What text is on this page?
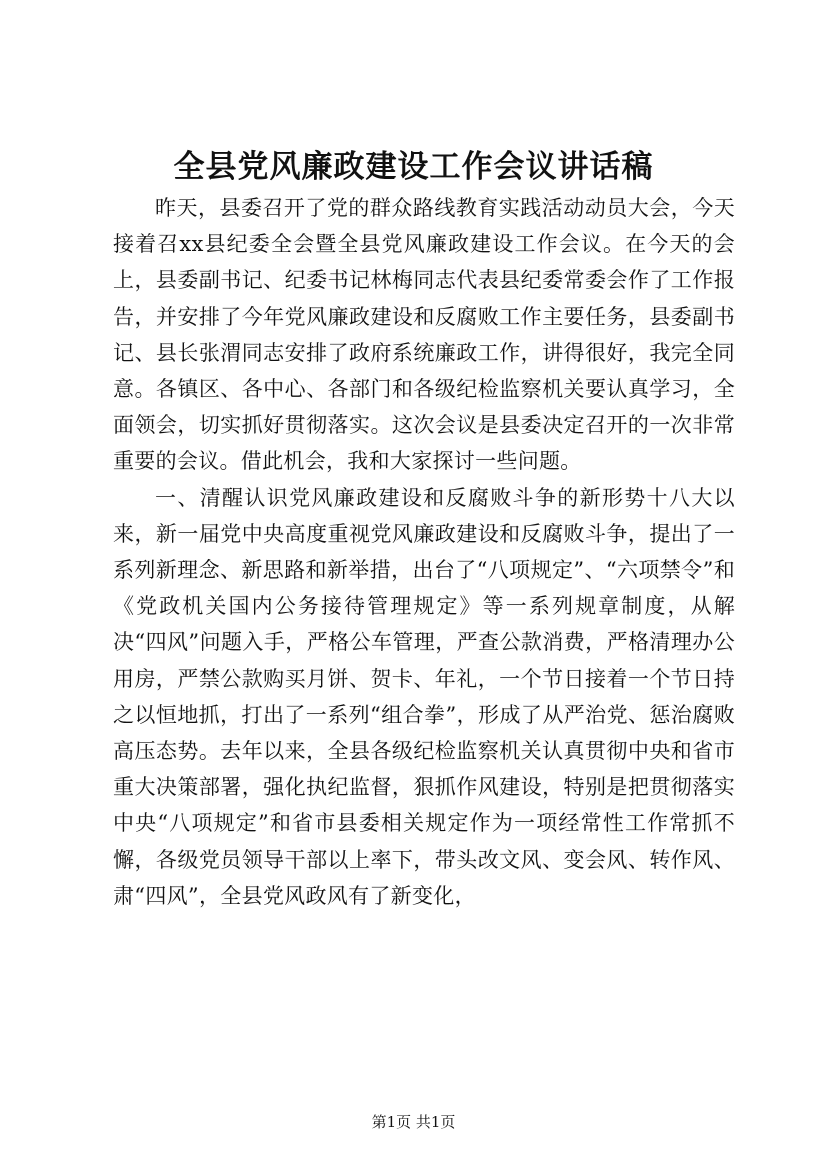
全县党风廉政建设工作会议讲话稿

昨天，县委召开了党的群众路线教育实践活动动员大会，今天接着召xx县纪委全会暨全县党风廉政建设工作会议。在今天的会上，县委副书记、纪委书记林梅同志代表县纪委常委会作了工作报告，并安排了今年党风廉政建设和反腐败工作主要任务，县委副书记、县长张渭同志安排了政府系统廉政工作，讲得很好，我完全同意。各镇区、各中心、各部门和各级纪检监察机关要认真学习，全面领会，切实抓好贯彻落实。这次会议是县委决定召开的一次非常重要的会议。借此机会，我和大家探讨一些问题。

一、清醒认识党风廉政建设和反腐败斗争的新形势十八大以来，新一届党中央高度重视党风廉政建设和反腐败斗争，提出了一系列新理念、新思路和新举措，出台了“八项规定”、“六项禁令”和《党政机关国内公务接待管理规定》等一系列规章制度，从解决“四风”问题入手，严格公车管理，严查公款消费，严格清理办公用房，严禁公款购买月饼、贺卡、年礼，一个节日接着一个节日持之以恒地抓，打出了一系列“组合拳”，形成了从严治党、惩治腐败高压态势。去年以来，全县各级纪检监察机关认真贯彻中央和省市重大决策部署，强化执纪监督，狠抓作风建设，特别是把贯彻落实中央“八项规定”和省市县委相关规定作为一项经常性工作常抓不懈，各级党员领导干部以上率下，带头改文风、变会风、转作风、肃“四风”，全县党风政风有了新变化，

第1页 共1页
